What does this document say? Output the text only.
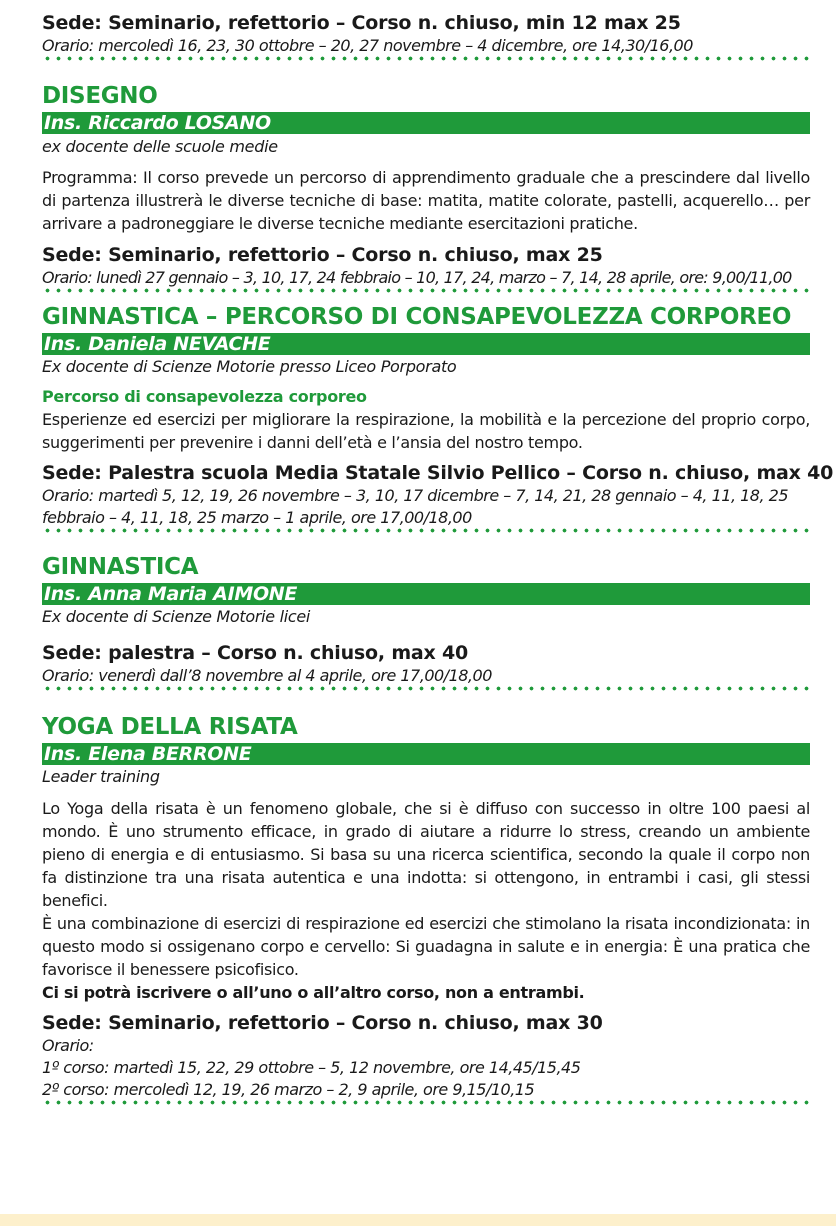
Sede: Seminario, refettorio – Corso n. chiuso, min 12 max 25

Orario: mercoledì 16, 23, 30 ottobre – 20, 27 novembre – 4 dicembre, ore 14,30/16,00

DISEGNO
Ins. Riccardo LOSANO
ex docente delle scuole medie

Programma: Il corso prevede un percorso di apprendimento graduale che a prescindere dal livello di partenza illustrerà le diverse tecniche di base: matita, matite colorate, pastelli, acquerello… per arrivare a padroneggiare le diverse tecniche mediante esercitazioni pratiche.

Sede: Seminario, refettorio – Corso n. chiuso, max 25

Orario: lunedì 27 gennaio – 3, 10, 17, 24 febbraio – 10, 17, 24, marzo – 7, 14, 28 aprile, ore: 9,00/11,00

GINNASTICA – PERCORSO DI CONSAPEVOLEZZA CORPOREO
Ins. Daniela NEVACHE
Ex docente di Scienze Motorie presso Liceo Porporato
Percorso di consapevolezza corporeo

Esperienze ed esercizi per migliorare la respirazione, la mobilità e la percezione del proprio corpo, suggerimenti per prevenire i danni dell’età e l’ansia del nostro tempo.

Sede: Palestra scuola Media Statale Silvio Pellico – Corso n. chiuso, max 40

Orario: martedì 5, 12, 19, 26 novembre – 3, 10, 17 dicembre – 7, 14, 21, 28 gennaio – 4, 11, 18, 25

febbraio – 4, 11, 18, 25 marzo – 1 aprile, ore 17,00/18,00

GINNASTICA
Ins. Anna Maria AIMONE
Ex docente di Scienze Motorie licei
Sede: palestra – Corso n. chiuso, max 40

Orario: venerdì dall’8 novembre al 4 aprile, ore 17,00/18,00

YOGA DELLA RISATA
Ins. Elena BERRONE
Leader training

Lo Yoga della risata è un fenomeno globale, che si è diffuso con successo in oltre 100 paesi al mondo. È uno strumento efficace, in grado di aiutare a ridurre lo stress, creando un ambiente pieno di energia e di entusiasmo. Si basa su una ricerca scientifica, secondo la quale il corpo non fa distinzione tra una risata autentica e una indotta: si ottengono, in entrambi i casi, gli stessi benefici.

È una combinazione di esercizi di respirazione ed esercizi che stimolano la risata incondizionata: in questo modo si ossigenano corpo e cervello: Si guadagna in salute e in energia: È una pratica che favorisce il benessere psicofisico.

Ci si potrà iscrivere o all’uno o all’altro corso, non a entrambi.
Sede: Seminario, refettorio – Corso n. chiuso, max 30

Orario:

1º corso: martedì 15, 22, 29 ottobre – 5, 12 novembre, ore 14,45/15,45

2º corso: mercoledì 12, 19, 26 marzo – 2, 9 aprile, ore 9,15/10,15
